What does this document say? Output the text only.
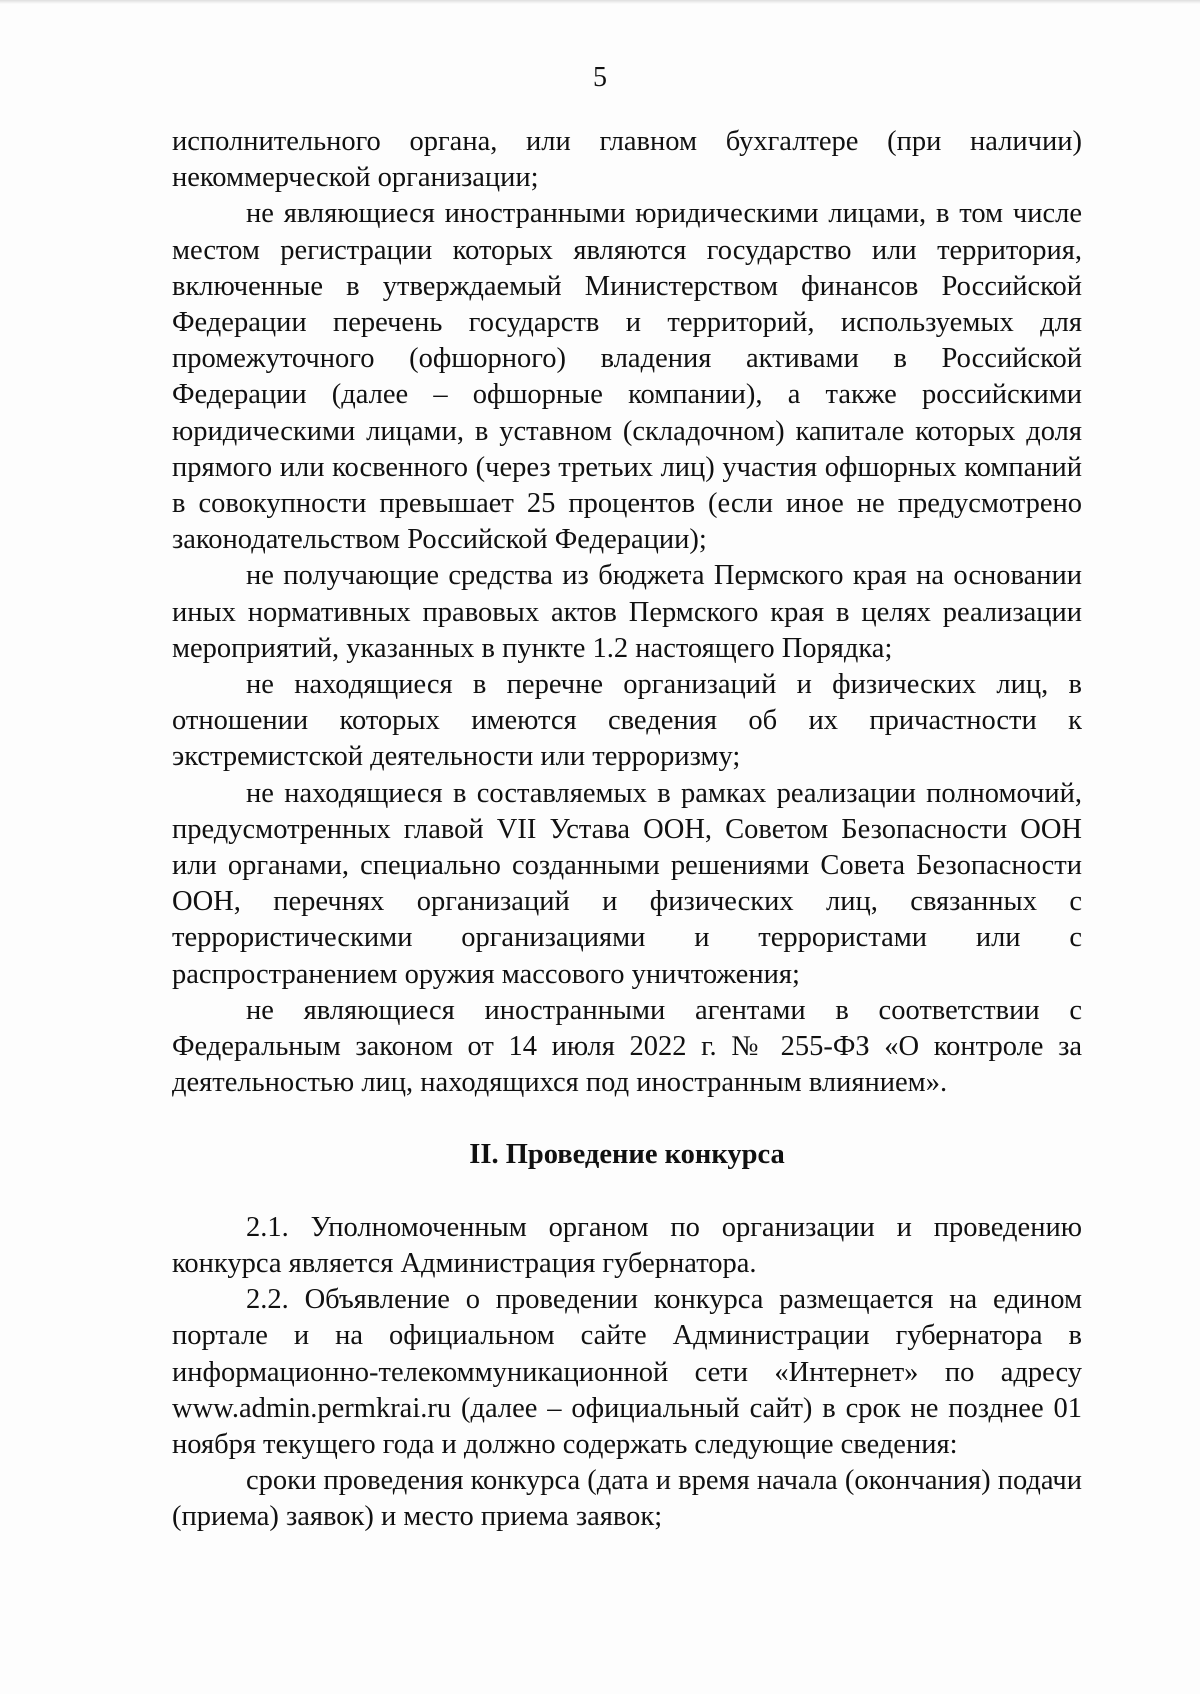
5

исполнительного органа, или главном бухгалтере (при наличии) некоммерческой организации;

не являющиеся иностранными юридическими лицами, в том числе местом регистрации которых являются государство или территория, включенные в утверждаемый Министерством финансов Российской Федерации перечень государств и территорий, используемых для промежуточного (офшорного) владения активами в Российской Федерации (далее – офшорные компании), а также российскими юридическими лицами, в уставном (складочном) капитале которых доля прямого или косвенного (через третьих лиц) участия офшорных компаний в совокупности превышает 25 процентов (если иное не предусмотрено законодательством Российской Федерации);

не получающие средства из бюджета Пермского края на основании иных нормативных правовых актов Пермского края в целях реализации мероприятий, указанных в пункте 1.2 настоящего Порядка;

не находящиеся в перечне организаций и физических лиц, в отношении которых имеются сведения об их причастности к экстремистской деятельности или терроризму;

не находящиеся в составляемых в рамках реализации полномочий, предусмотренных главой VII Устава ООН, Советом Безопасности ООН или органами, специально созданными решениями Совета Безопасности ООН, перечнях организаций и физических лиц, связанных с террористическими организациями и террористами или с распространением оружия массового уничтожения;

не являющиеся иностранными агентами в соответствии с Федеральным законом от 14 июля 2022 г. № 255-ФЗ «О контроле за деятельностью лиц, находящихся под иностранным влиянием».

II. Проведение конкурса

2.1. Уполномоченным органом по организации и проведению конкурса является Администрация губернатора.

2.2. Объявление о проведении конкурса размещается на едином портале и на официальном сайте Администрации губернатора в информационно-телекоммуникационной сети «Интернет» по адресу www.admin.permkrai.ru (далее – официальный сайт) в срок не позднее 01 ноября текущего года и должно содержать следующие сведения:

сроки проведения конкурса (дата и время начала (окончания) подачи (приема) заявок) и место приема заявок;
